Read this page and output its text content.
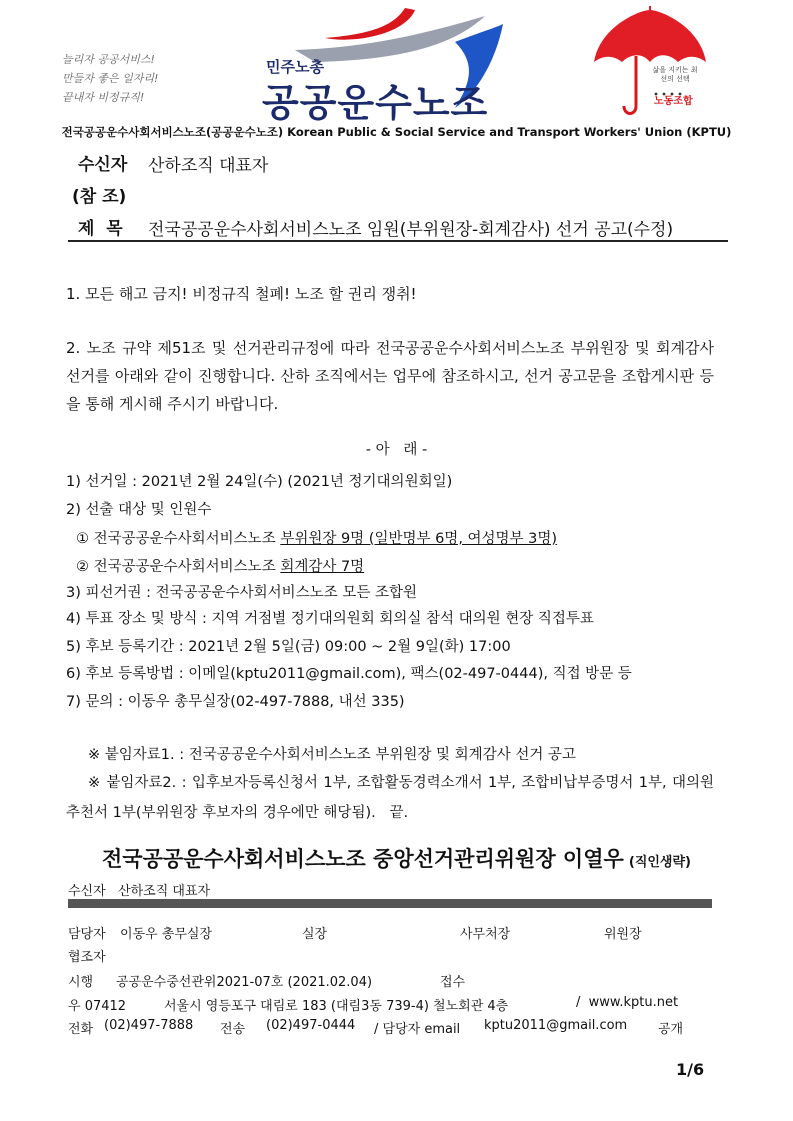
늘리자 공공서비스!
만들자 좋은 일자리!
끝내자 비정규직!
민주노총
공공운수노조
삶을 지키는 최선의 선택
노동조합
전국공공운수사회서비스노조(공공운수노조) Korean Public & Social Service and Transport Workers' Union (KPTU)
수신자 산하조직 대표자
(참 조)
제  목 전국공공운수사회서비스노조 임원(부위원장-회계감사) 선거 공고(수정)
1. 모든 해고 금지! 비정규직 철폐! 노조 할 권리 쟁취!
2. 노조 규약 제51조 및 선거관리규정에 따라 전국공공운수사회서비스노조 부위원장 및 회계감사 선거를 아래와 같이 진행합니다. 산하 조직에서는 업무에 참조하시고, 선거 공고문을 조합게시판 등을 통해 게시해 주시기 바랍니다.
- 아   래 -
1) 선거일 : 2021년 2월 24일(수) (2021년 정기대의원회일)
2) 선출 대상 및 인원수
① 전국공공운수사회서비스노조 부위원장 9명 (일반명부 6명, 여성명부 3명)
② 전국공공운수사회서비스노조 회계감사 7명
3) 피선거권 : 전국공공운수사회서비스노조 모든 조합원
4) 투표 장소 및 방식 : 지역 거점별 정기대의원회 회의실 참석 대의원 현장 직접투표
5) 후보 등록기간 : 2021년 2월 5일(금) 09:00 ~ 2월 9일(화) 17:00
6) 후보 등록방법 : 이메일(kptu2011@gmail.com), 팩스(02-497-0444), 직접 방문 등
7) 문의 : 이동우 총무실장(02-497-7888, 내선 335)
※ 붙임자료1. : 전국공공운수사회서비스노조 부위원장 및 회계감사 선거 공고
※ 붙임자료2. : 입후보자등록신청서 1부, 조합활동경력소개서 1부, 조합비납부증명서 1부, 대의원추천서 1부(부위원장 후보자의 경우에만 해당됨).   끝.
전국공공운수사회서비스노조 중앙선거관리위원장 이열우 (직인생략)
수신자   산하조직 대표자
담당자 이동우 총무실장	실장	사무처장	위원장
협조자
시행 공공운수중선관위2021-07호 (2021.02.04)	접수
우 07412	서울시 영등포구 대림로 183 (대림3동 739-4) 철노회관 4층	/  www.kptu.net
전화 (02)497-7888 전송 (02)497-0444 / 담당자 email kptu2011@gmail.com 공개
1/6
